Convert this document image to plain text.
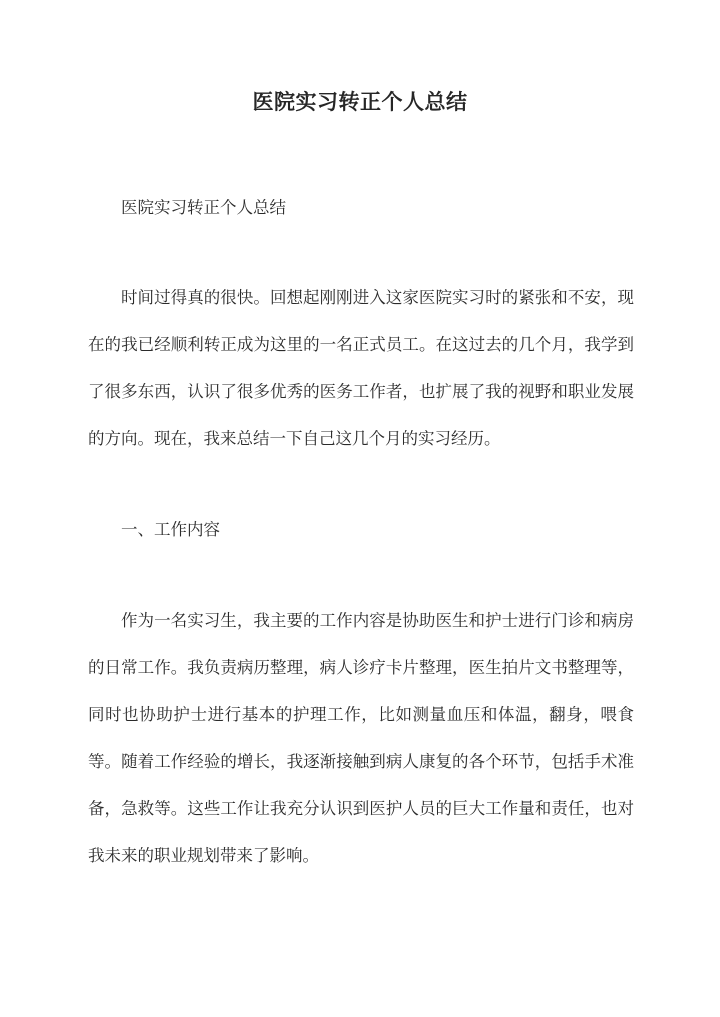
医院实习转正个人总结

医院实习转正个人总结

时间过得真的很快。回想起刚刚进入这家医院实习时的紧张和不安，现在的我已经顺利转正成为这里的一名正式员工。在这过去的几个月，我学到了很多东西，认识了很多优秀的医务工作者，也扩展了我的视野和职业发展的方向。现在，我来总结一下自己这几个月的实习经历。

一、工作内容

作为一名实习生，我主要的工作内容是协助医生和护士进行门诊和病房的日常工作。我负责病历整理，病人诊疗卡片整理，医生拍片文书整理等，同时也协助护士进行基本的护理工作，比如测量血压和体温，翻身，喂食等。随着工作经验的增长，我逐渐接触到病人康复的各个环节，包括手术准备，急救等。这些工作让我充分认识到医护人员的巨大工作量和责任，也对我未来的职业规划带来了影响。
